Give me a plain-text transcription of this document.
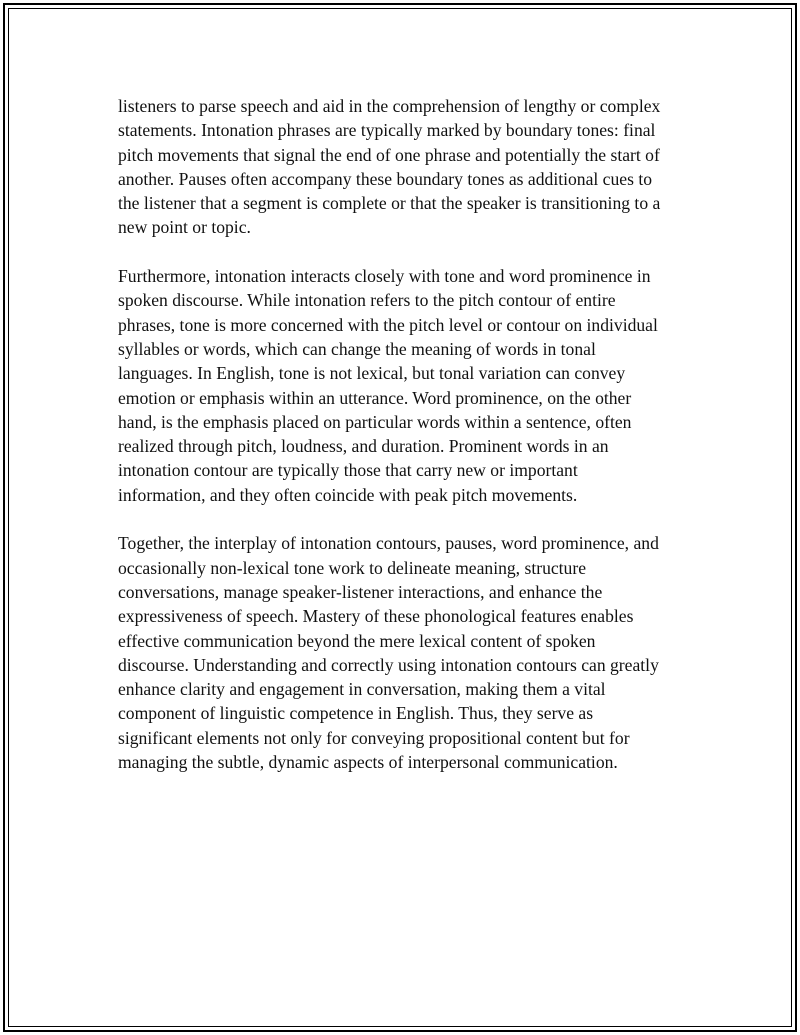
listeners to parse speech and aid in the comprehension of lengthy or complex
statements. Intonation phrases are typically marked by boundary tones: final
pitch movements that signal the end of one phrase and potentially the start of
another. Pauses often accompany these boundary tones as additional cues to
the listener that a segment is complete or that the speaker is transitioning to a
new point or topic.

Furthermore, intonation interacts closely with tone and word prominence in
spoken discourse. While intonation refers to the pitch contour of entire
phrases, tone is more concerned with the pitch level or contour on individual
syllables or words, which can change the meaning of words in tonal
languages. In English, tone is not lexical, but tonal variation can convey
emotion or emphasis within an utterance. Word prominence, on the other
hand, is the emphasis placed on particular words within a sentence, often
realized through pitch, loudness, and duration. Prominent words in an
intonation contour are typically those that carry new or important
information, and they often coincide with peak pitch movements.

Together, the interplay of intonation contours, pauses, word prominence, and
occasionally non-lexical tone work to delineate meaning, structure
conversations, manage speaker-listener interactions, and enhance the
expressiveness of speech. Mastery of these phonological features enables
effective communication beyond the mere lexical content of spoken
discourse. Understanding and correctly using intonation contours can greatly
enhance clarity and engagement in conversation, making them a vital
component of linguistic competence in English. Thus, they serve as
significant elements not only for conveying propositional content but for
managing the subtle, dynamic aspects of interpersonal communication.
